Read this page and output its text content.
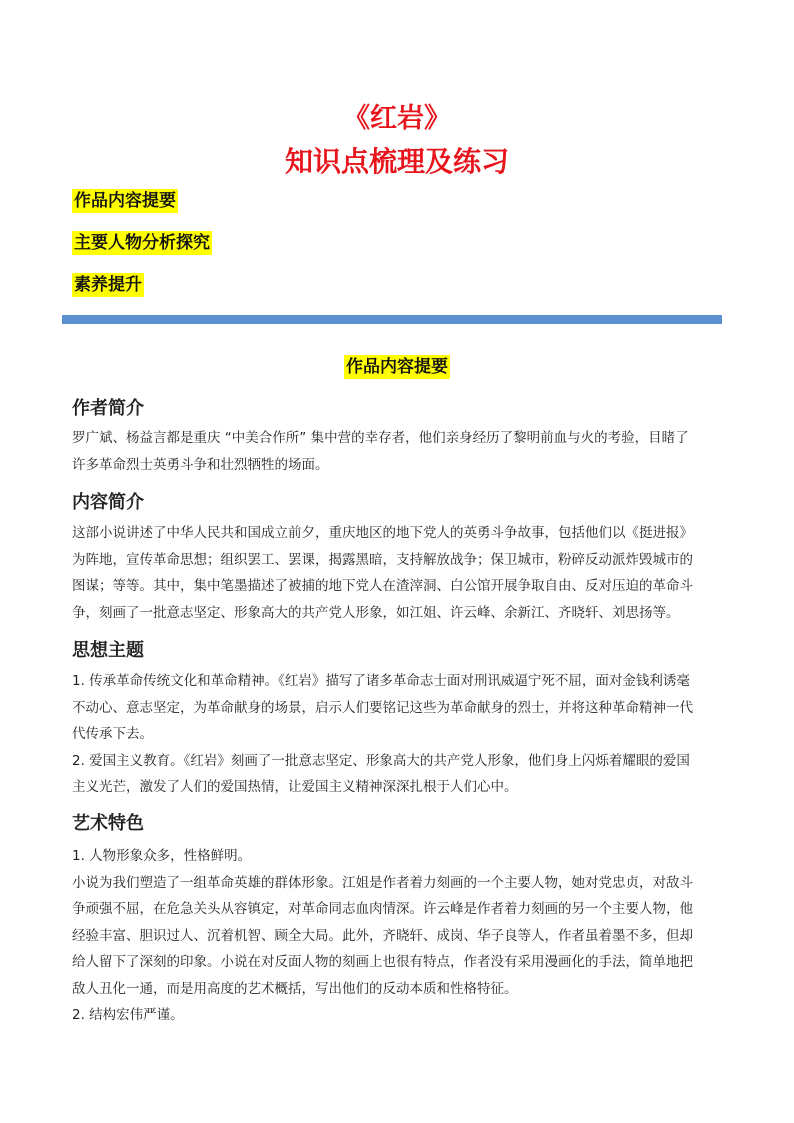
《红岩》
知识点梳理及练习
作品内容提要
主要人物分析探究
素养提升
作品内容提要
作者简介
罗广斌、杨益言都是重庆 “中美合作所” 集中营的幸存者，他们亲身经历了黎明前血与火的考验，目睹了
许多革命烈士英勇斗争和壮烈牺牲的场面。
内容简介
这部小说讲述了中华人民共和国成立前夕，重庆地区的地下党人的英勇斗争故事，包括他们以《挺进报》
为阵地，宣传革命思想；组织罢工、罢课，揭露黑暗，支持解放战争；保卫城市，粉碎反动派炸毁城市的
图谋；等等。其中，集中笔墨描述了被捕的地下党人在渣滓洞、白公馆开展争取自由、反对压迫的革命斗
争，刻画了一批意志坚定、形象高大的共产党人形象，如江姐、许云峰、余新江、齐晓轩、刘思扬等。
思想主题
1. 传承革命传统文化和革命精神。《红岩》描写了诸多革命志士面对刑讯威逼宁死不屈，面对金钱利诱毫
不动心、意志坚定，为革命献身的场景，启示人们要铭记这些为革命献身的烈士，并将这种革命精神一代
代传承下去。
2. 爱国主义教育。《红岩》刻画了一批意志坚定、形象高大的共产党人形象，他们身上闪烁着耀眼的爱国
主义光芒，激发了人们的爱国热情，让爱国主义精神深深扎根于人们心中。
艺术特色
1. 人物形象众多，性格鲜明。
小说为我们塑造了一组革命英雄的群体形象。江姐是作者着力刻画的一个主要人物，她对党忠贞，对敌斗
争顽强不屈，在危急关头从容镇定，对革命同志血肉情深。许云峰是作者着力刻画的另一个主要人物，他
经验丰富、胆识过人、沉着机智、顾全大局。此外，齐晓轩、成岗、华子良等人，作者虽着墨不多，但却
给人留下了深刻的印象。小说在对反面人物的刻画上也很有特点，作者没有采用漫画化的手法，简单地把
敌人丑化一通，而是用高度的艺术概括，写出他们的反动本质和性格特征。
2. 结构宏伟严谨。
